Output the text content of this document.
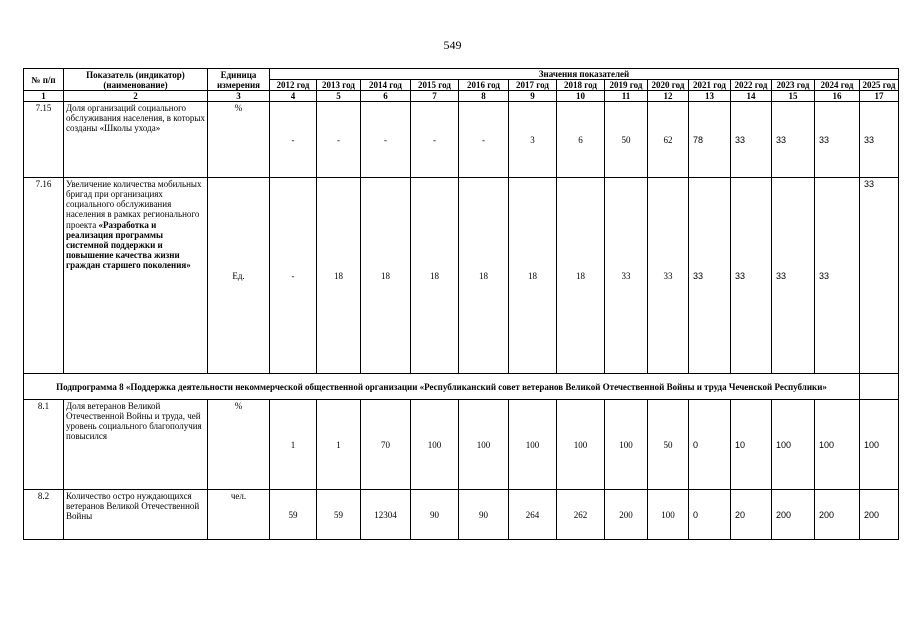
549
№ п/п	Показатель (индикатор) (наименование)	Единица измерения	Значения показателей													
			2012 год	2013 год	2014 год	2015 год	2016 год	2017 год	2018 год	2019 год	2020 год	2021 год	2022 год	2023 год	2024 год	2025 год
1	2	3	4	5	6	7	8	9	10	11	12	13	14	15	16	17
7.15	Доля организаций социального обслуживания населения, в которых созданы «Школы ухода»	%	-	-	-	-	-	3	6	50	62	78	33	33	33	33
7.16	Увеличение количества мобильных бригад при организациях социального обслуживания населения в рамках регионального проекта «Разработка и реализация программы системной поддержки и повышение качества жизни граждан старшего поколения»	Ед.	-	18	18	18	18	18	18	33	33	33	33	33	33	33
Подпрограмма 8 «Поддержка деятельности некоммерческой общественной организации «Республиканский совет ветеранов Великой Отечественной Войны и труда Чеченской Республики»																
8.1	Доля ветеранов Великой Отечественной Войны и труда, чей уровень социального благополучия повысился	%	1	1	70	100	100	100	100	100	50	0	10	100	100	100
8.2	Количество остро нуждающихся ветеранов Великой Отечественной Войны	чел.	59	59	12304	90	90	264	262	200	100	0	20	200	200	200
